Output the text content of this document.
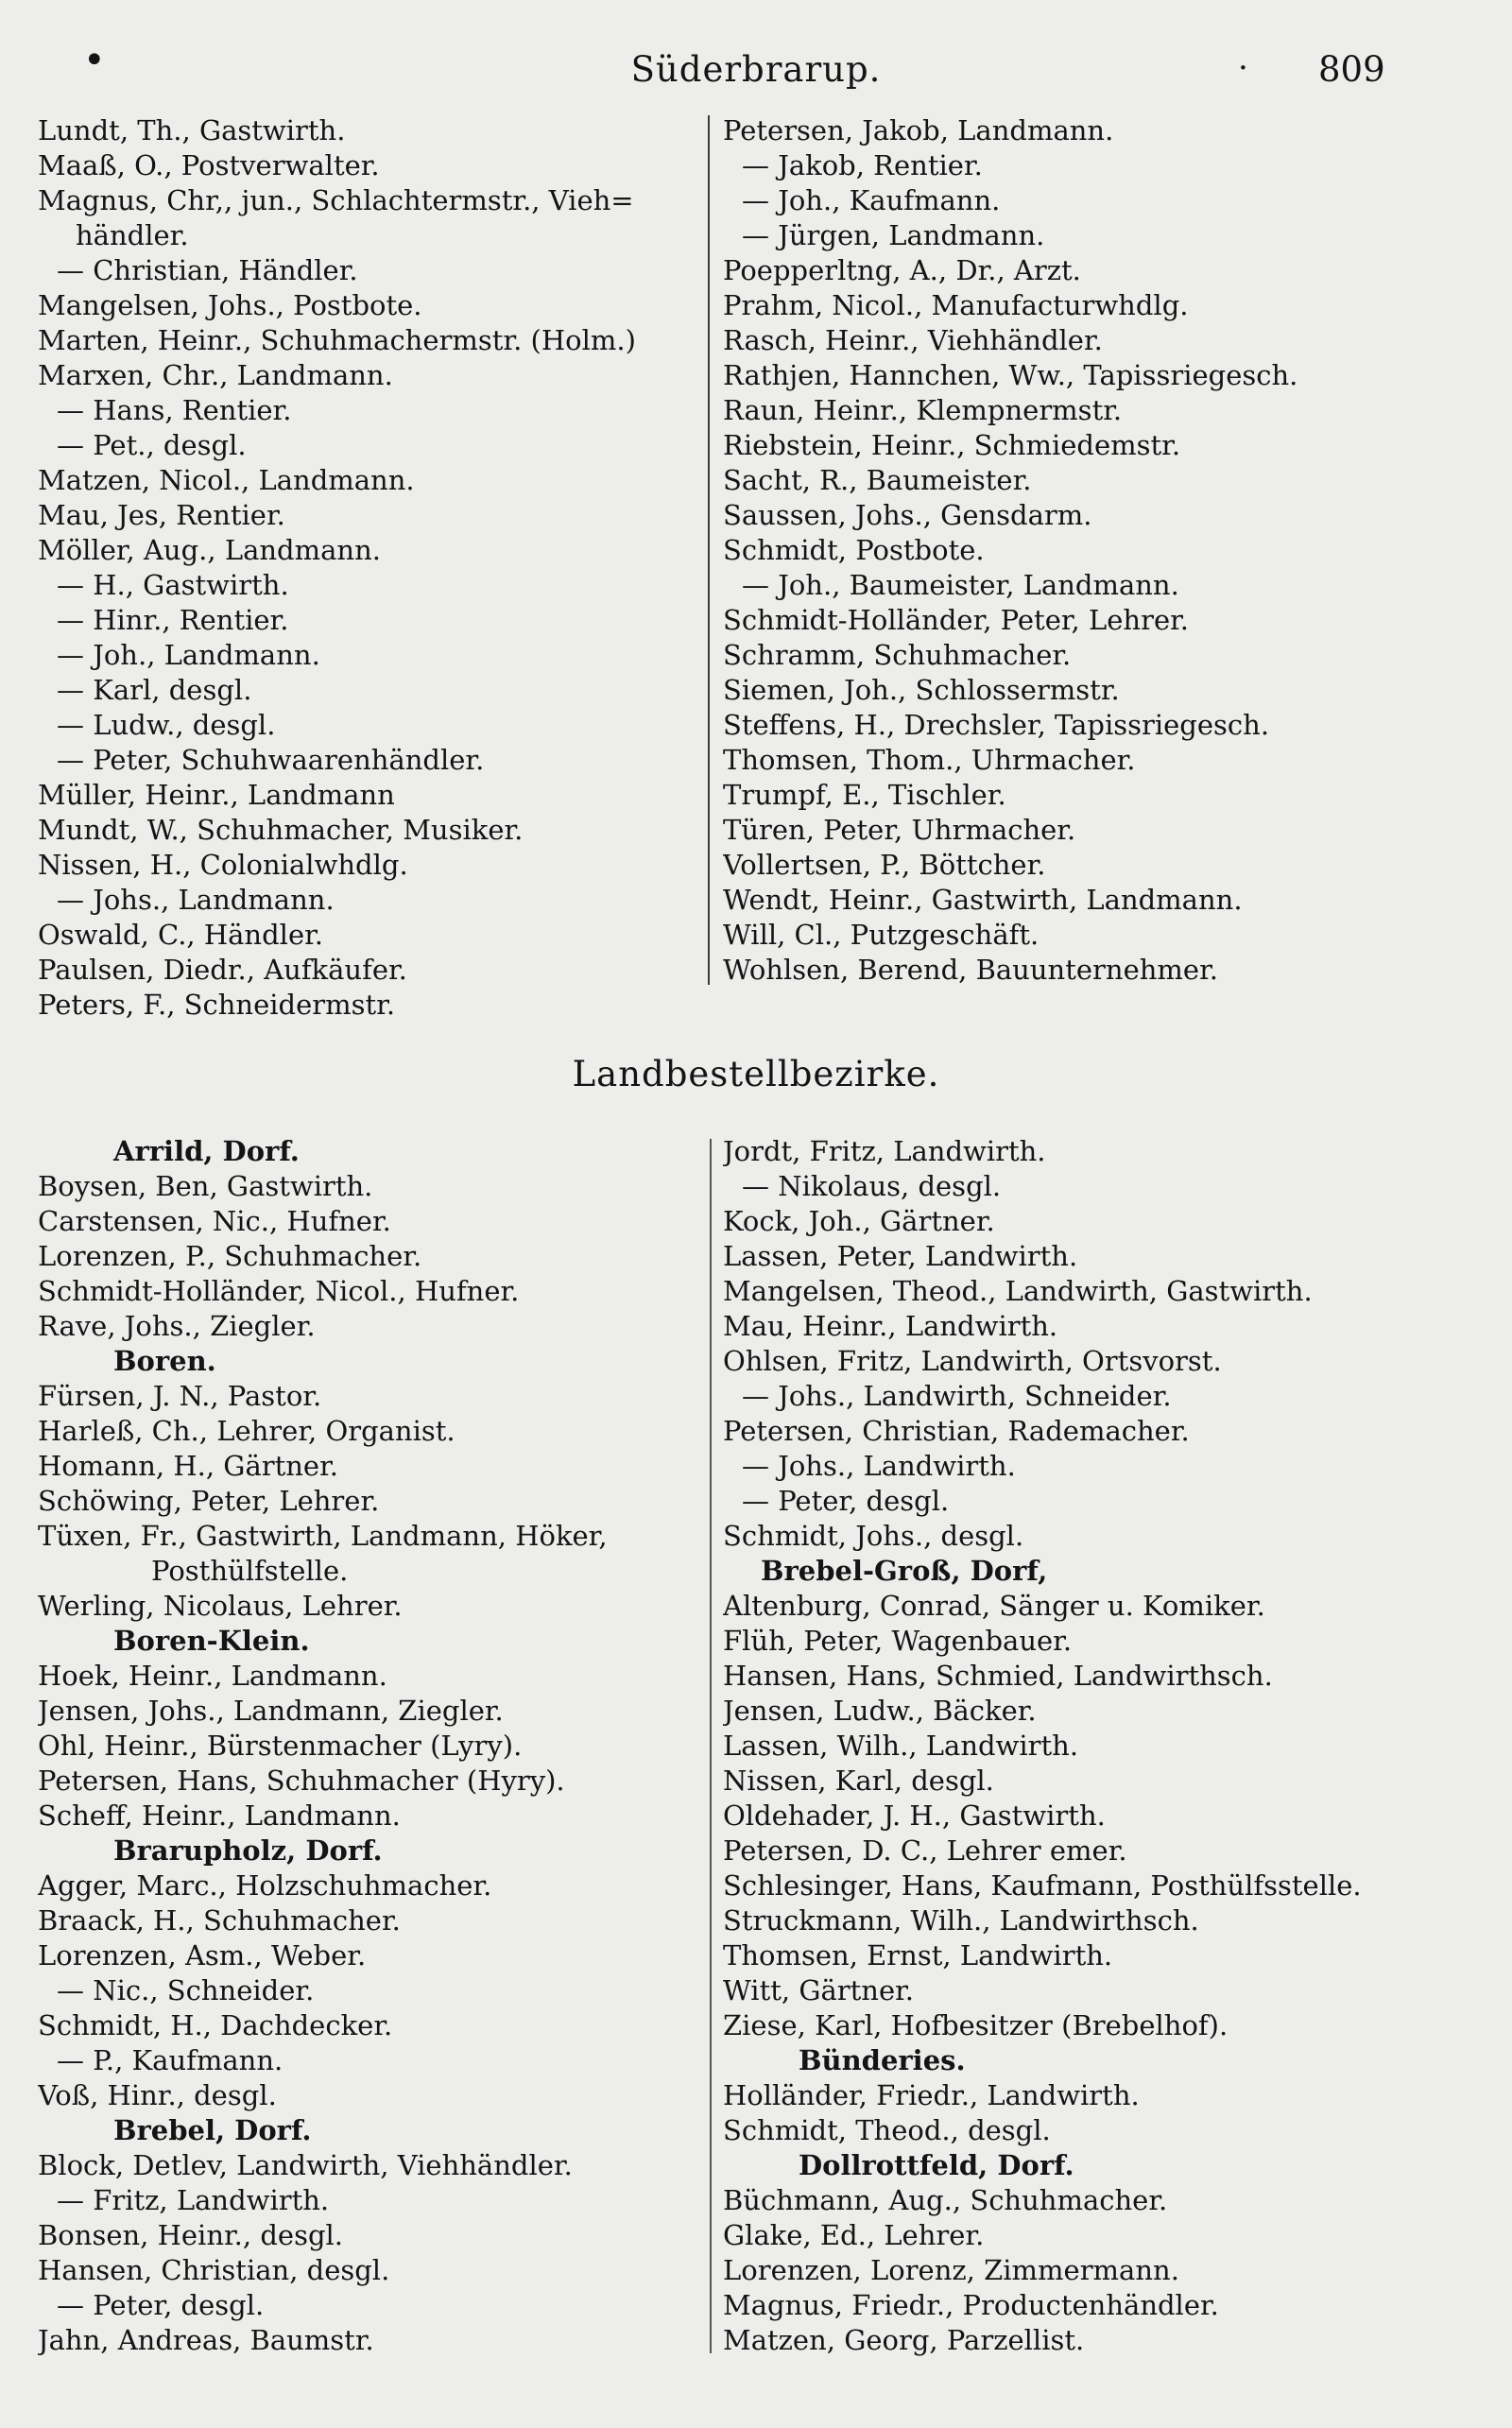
•	Süderbrarup.	· 809
Lundt, Th., Gastwirth.
Maaß, O., Postverwalter.
Magnus, Chr,, jun., Schlachtermstr., Vieh=
händler.
— Christian, Händler.
Mangelsen, Johs., Postbote.
Marten, Heinr., Schuhmachermstr. (Holm.)
Marxen, Chr., Landmann.
— Hans, Rentier.
— Pet., desgl.
Matzen, Nicol., Landmann.
Mau, Jes, Rentier.
Möller, Aug., Landmann.
— H., Gastwirth.
— Hinr., Rentier.
— Joh., Landmann.
— Karl, desgl.
— Ludw., desgl.
— Peter, Schuhwaarenhändler.
Müller, Heinr., Landmann
Mundt, W., Schuhmacher, Musiker.
Nissen, H., Colonialwhdlg.
— Johs., Landmann.
Oswald, C., Händler.
Paulsen, Diedr., Aufkäufer.
Peters, F., Schneidermstr.
Petersen, Jakob, Landmann.
— Jakob, Rentier.
— Joh., Kaufmann.
— Jürgen, Landmann.
Poepperltng, A., Dr., Arzt.
Prahm, Nicol., Manufacturwhdlg.
Rasch, Heinr., Viehhändler.
Rathjen, Hannchen, Ww., Tapissriegesch.
Raun, Heinr., Klempnermstr.
Riebstein, Heinr., Schmiedemstr.
Sacht, R., Baumeister.
Saussen, Johs., Gensdarm.
Schmidt, Postbote.
— Joh., Baumeister, Landmann.
Schmidt-Holländer, Peter, Lehrer.
Schramm, Schuhmacher.
Siemen, Joh., Schlossermstr.
Steffens, H., Drechsler, Tapissriegesch.
Thomsen, Thom., Uhrmacher.
Trumpf, E., Tischler.
Türen, Peter, Uhrmacher.
Vollertsen, P., Böttcher.
Wendt, Heinr., Gastwirth, Landmann.
Will, Cl., Putzgeschäft.
Wohlsen, Berend, Bauunternehmer.
Landbestellbezirke.
Arrild, Dorf.
Boysen, Ben, Gastwirth.
Carstensen, Nic., Hufner.
Lorenzen, P., Schuhmacher.
Schmidt-Holländer, Nicol., Hufner.
Rave, Johs., Ziegler.
Boren.
Fürsen, J. N., Pastor.
Harleß, Ch., Lehrer, Organist.
Homann, H., Gärtner.
Schöwing, Peter, Lehrer.
Tüxen, Fr., Gastwirth, Landmann, Höker,
Posthülfstelle.
Werling, Nicolaus, Lehrer.
Boren-Klein.
Hoek, Heinr., Landmann.
Jensen, Johs., Landmann, Ziegler.
Ohl, Heinr., Bürstenmacher (Lyry).
Petersen, Hans, Schuhmacher (Hyry).
Scheff, Heinr., Landmann.
Brarupholz, Dorf.
Agger, Marc., Holzschuhmacher.
Braack, H., Schuhmacher.
Lorenzen, Asm., Weber.
— Nic., Schneider.
Schmidt, H., Dachdecker.
— P., Kaufmann.
Voß, Hinr., desgl.
Brebel, Dorf.
Block, Detlev, Landwirth, Viehhändler.
— Fritz, Landwirth.
Bonsen, Heinr., desgl.
Hansen, Christian, desgl.
— Peter, desgl.
Jahn, Andreas, Baumstr.
Jordt, Fritz, Landwirth.
— Nikolaus, desgl.
Kock, Joh., Gärtner.
Lassen, Peter, Landwirth.
Mangelsen, Theod., Landwirth, Gastwirth.
Mau, Heinr., Landwirth.
Ohlsen, Fritz, Landwirth, Ortsvorst.
— Johs., Landwirth, Schneider.
Petersen, Christian, Rademacher.
— Johs., Landwirth.
— Peter, desgl.
Schmidt, Johs., desgl.
Brebel-Groß, Dorf,
Altenburg, Conrad, Sänger u. Komiker.
Flüh, Peter, Wagenbauer.
Hansen, Hans, Schmied, Landwirthsch.
Jensen, Ludw., Bäcker.
Lassen, Wilh., Landwirth.
Nissen, Karl, desgl.
Oldehader, J. H., Gastwirth.
Petersen, D. C., Lehrer emer.
Schlesinger, Hans, Kaufmann, Posthülfsstelle.
Struckmann, Wilh., Landwirthsch.
Thomsen, Ernst, Landwirth.
Witt, Gärtner.
Ziese, Karl, Hofbesitzer (Brebelhof).
Bünderies.
Holländer, Friedr., Landwirth.
Schmidt, Theod., desgl.
Dollrottfeld, Dorf.
Büchmann, Aug., Schuhmacher.
Glake, Ed., Lehrer.
Lorenzen, Lorenz, Zimmermann.
Magnus, Friedr., Productenhändler.
Matzen, Georg, Parzellist.
